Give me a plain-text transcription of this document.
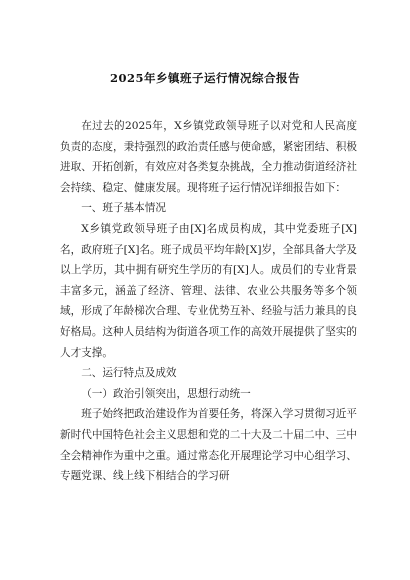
2025年乡镇班子运行情况综合报告

在过去的2025年，X乡镇党政领导班子以对党和人民高度负责的态度，秉持强烈的政治责任感与使命感，紧密团结、积极进取、开拓创新，有效应对各类复杂挑战，全力推动街道经济社会持续、稳定、健康发展。现将班子运行情况详细报告如下：

一、班子基本情况

X乡镇党政领导班子由[X]名成员构成，其中党委班子[X]名，政府班子[X]名。班子成员平均年龄[X]岁，全部具备大学及以上学历，其中拥有研究生学历的有[X]人。成员们的专业背景丰富多元，涵盖了经济、管理、法律、农业公共服务等多个领域，形成了年龄梯次合理、专业优势互补、经验与活力兼具的良好格局。这种人员结构为街道各项工作的高效开展提供了坚实的人才支撑。

二、运行特点及成效

（一）政治引领突出，思想行动统一

班子始终把政治建设作为首要任务，将深入学习贯彻习近平新时代中国特色社会主义思想和党的二十大及二十届二中、三中全会精神作为重中之重。通过常态化开展理论学习中心组学习、专题党课、线上线下相结合的学习研
